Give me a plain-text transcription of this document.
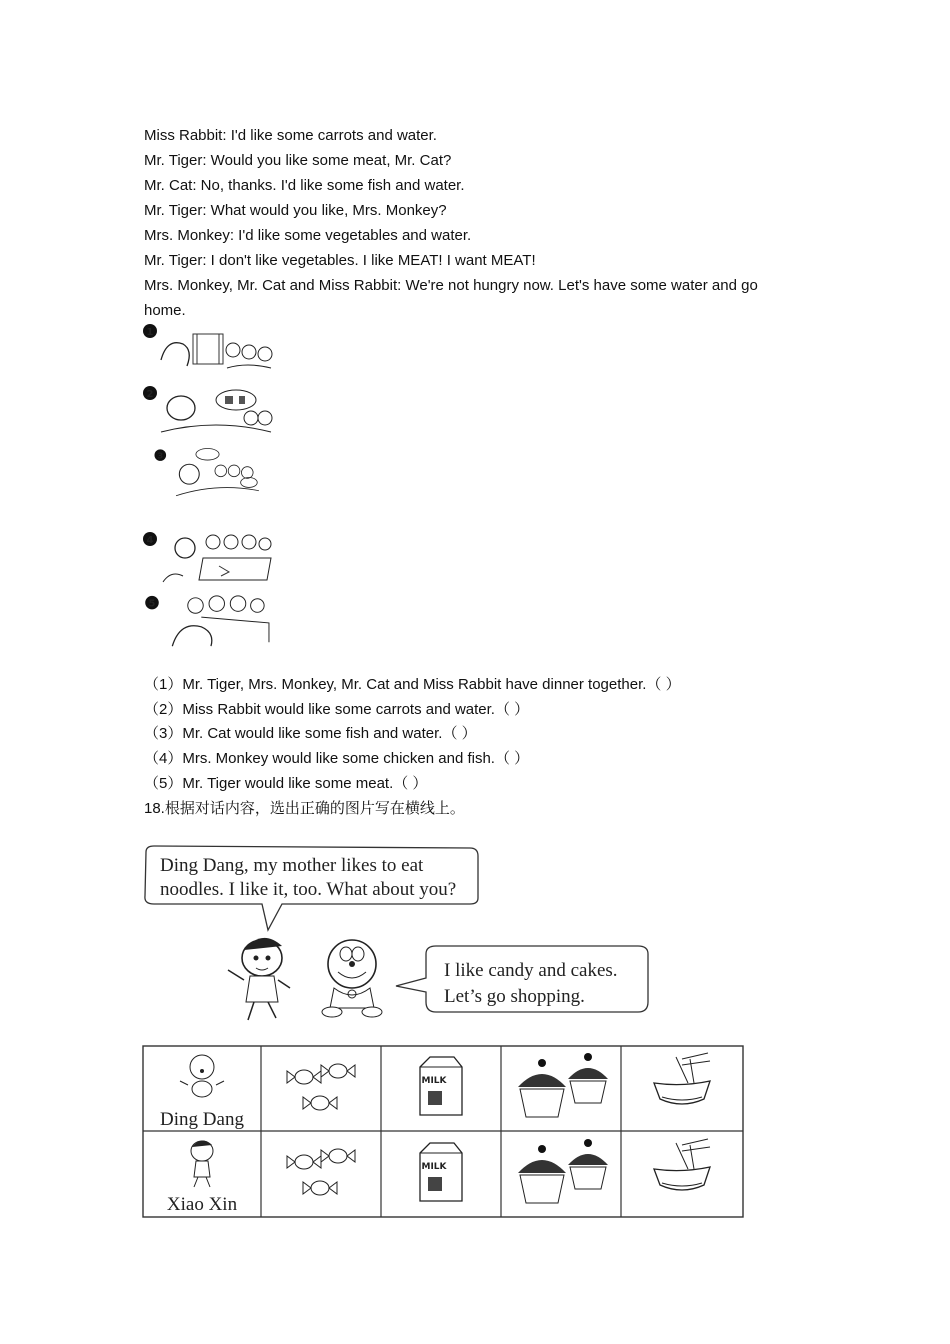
Miss Rabbit: I'd like some carrots and water.
Mr. Tiger: Would you like some meat, Mr. Cat?
Mr. Cat: No, thanks. I'd like some fish and water.
Mr. Tiger: What would you like, Mrs. Monkey?
Mrs. Monkey: I'd like some vegetables and water.
Mr. Tiger: I don't like vegetables. I like MEAT! I want MEAT!
Mrs. Monkey, Mr. Cat and Miss Rabbit: We're not hungry now. Let's have some water and go home.
1
2
3
4
5
（1）Mr. Tiger, Mrs. Monkey, Mr. Cat and Miss Rabbit have dinner together.（ ）
（2）Miss Rabbit would like some carrots and water.（ ）
（3）Mr. Cat would like some fish and water.（ ）
（4）Mrs. Monkey would like some chicken and fish.（ ）
（5）Mr. Tiger would like some meat.（ ）
18.根据对话内容，选出正确的图片写在横线上。
Ding Dang, my mother likes to eat
noodles. I like it, too. What about you?
I like candy and cakes.
Let’s go shopping.
Ding Dang
MILK
Xiao Xin
MILK
